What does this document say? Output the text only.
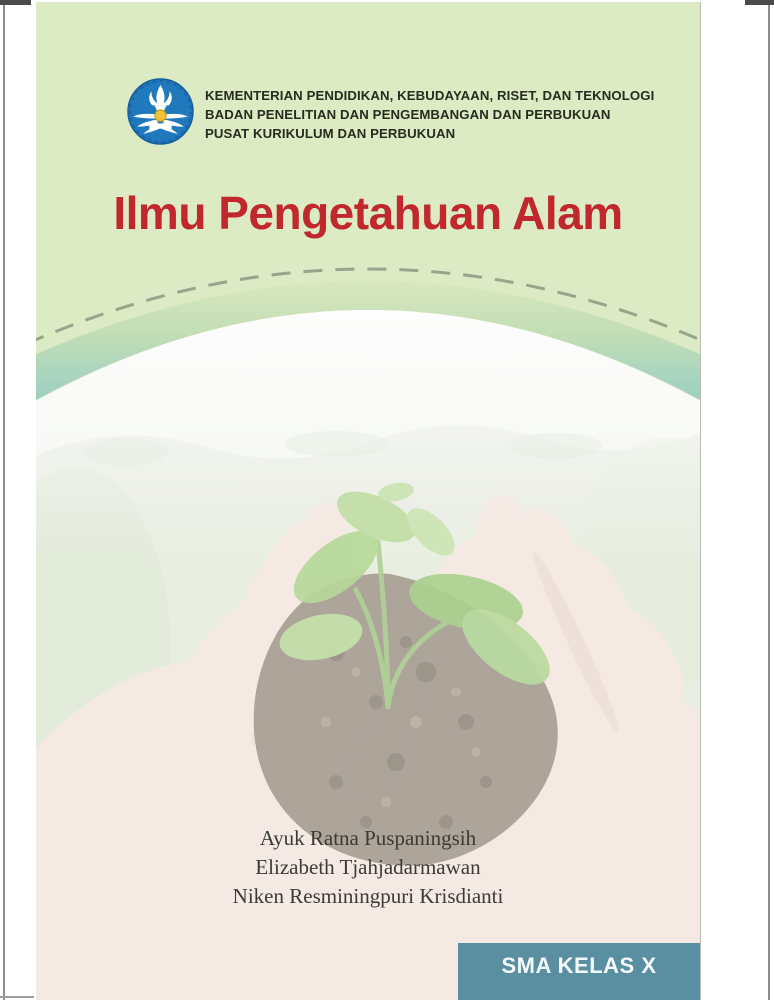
KEMENTERIAN PENDIDIKAN, KEBUDAYAAN, RISET, DAN TEKNOLOGI
BADAN PENELITIAN DAN PENGEMBANGAN DAN PERBUKUAN
PUSAT KURIKULUM DAN PERBUKUAN
Ilmu Pengetahuan Alam
Ayuk Ratna Puspaningsih
Elizabeth Tjahjadarmawan
Niken Resminingpuri Krisdianti
SMA KELAS X
